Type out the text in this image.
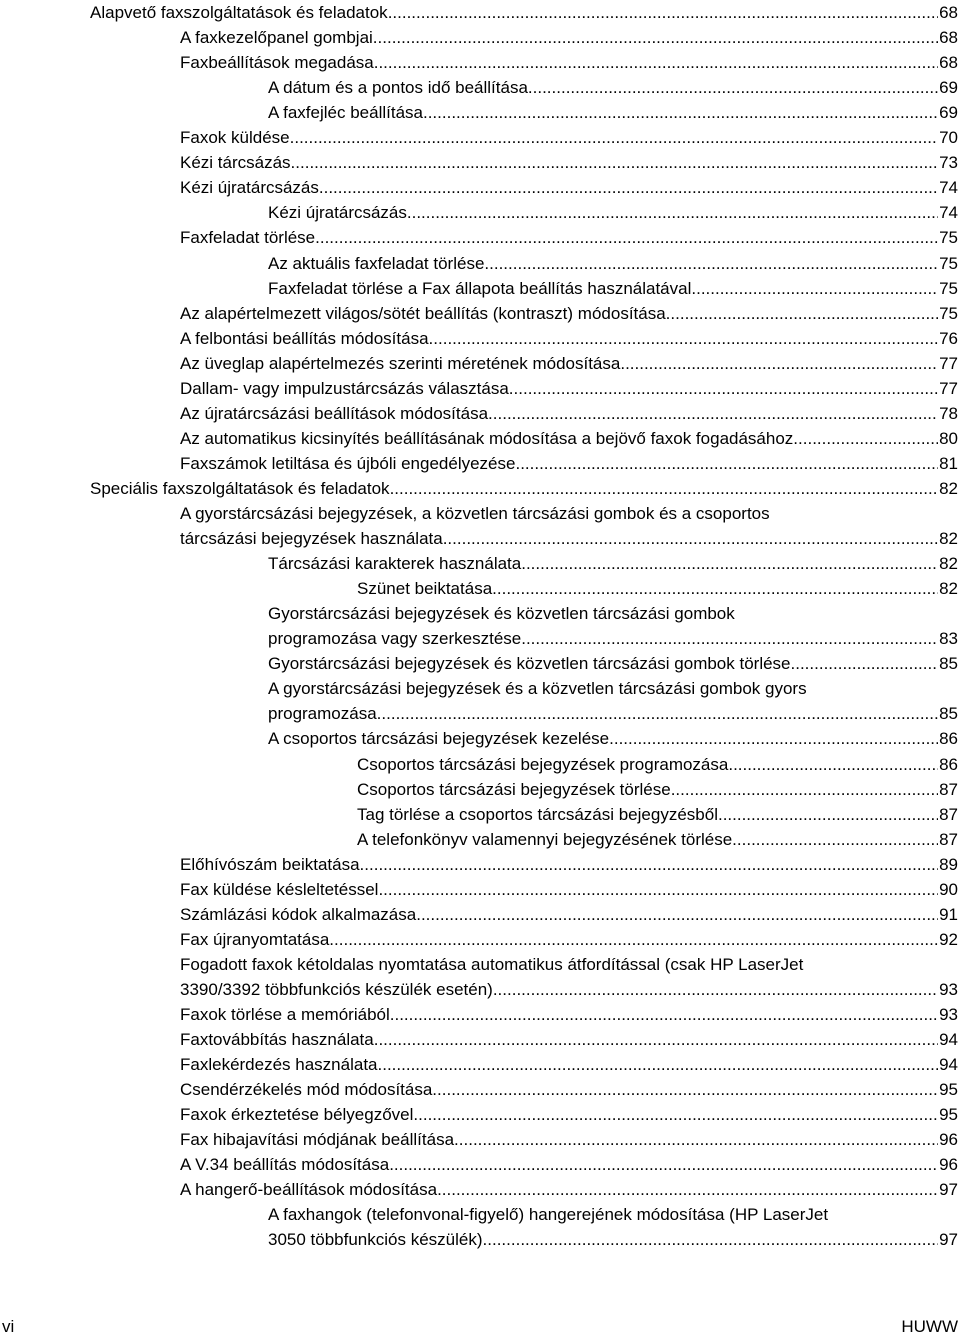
Alapvető faxszolgáltatások és feladatok .....	68
A faxkezelőpanel gombjai .....	68
Faxbeállítások megadása .....	68
A dátum és a pontos idő beállítása .....	69
A faxfejléc beállítása .....	69
Faxok küldése .....	70
Kézi tárcsázás .....	73
Kézi újratárcsázás .....	74
Kézi újratárcsázás .....	74
Faxfeladat törlése .....	75
Az aktuális faxfeladat törlése .....	75
Faxfeladat törlése a Fax állapota beállítás használatával .....	75
Az alapértelmezett világos/sötét beállítás (kontraszt) módosítása .....	75
A felbontási beállítás módosítása .....	76
Az üveglap alapértelmezés szerinti méretének módosítása .....	77
Dallam- vagy impulzustárcsázás választása .....	77
Az újratárcsázási beállítások módosítása .....	78
Az automatikus kicsinyítés beállításának módosítása a bejövő faxok fogadásához .....	80
Faxszámok letiltása és újbóli engedélyezése .....	81
Speciális faxszolgáltatások és feladatok .....	82
A gyorstárcsázási bejegyzések, a közvetlen tárcsázási gombok és a csoportos
tárcsázási bejegyzések használata .....	82
Tárcsázási karakterek használata .....	82
Szünet beiktatása .....	82
Gyorstárcsázási bejegyzések és közvetlen tárcsázási gombok
programozása vagy szerkesztése .....	83
Gyorstárcsázási bejegyzések és közvetlen tárcsázási gombok törlése .....	85
A gyorstárcsázási bejegyzések és a közvetlen tárcsázási gombok gyors
programozása .....	85
A csoportos tárcsázási bejegyzések kezelése .....	86
Csoportos tárcsázási bejegyzések programozása .....	86
Csoportos tárcsázási bejegyzések törlése .....	87
Tag törlése a csoportos tárcsázási bejegyzésből .....	87
A telefonkönyv valamennyi bejegyzésének törlése .....	87
Előhívószám beiktatása .....	89
Fax küldése késleltetéssel .....	90
Számlázási kódok alkalmazása .....	91
Fax újranyomtatása .....	92
Fogadott faxok kétoldalas nyomtatása automatikus átfordítással (csak HP LaserJet
3390/3392 többfunkciós készülék esetén) .....	93
Faxok törlése a memóriából .....	93
Faxtovábbítás használata .....	94
Faxlekérdezés használata .....	94
Csendérzékelés mód módosítása .....	95
Faxok érkeztetése bélyegzővel .....	95
Fax hibajavítási módjának beállítása .....	96
A V.34 beállítás módosítása .....	96
A hangerő-beállítások módosítása .....	97
A faxhangok (telefonvonal-figyelő) hangerejének módosítása (HP LaserJet
3050 többfunkciós készülék) .....	97
vi	HUWW
